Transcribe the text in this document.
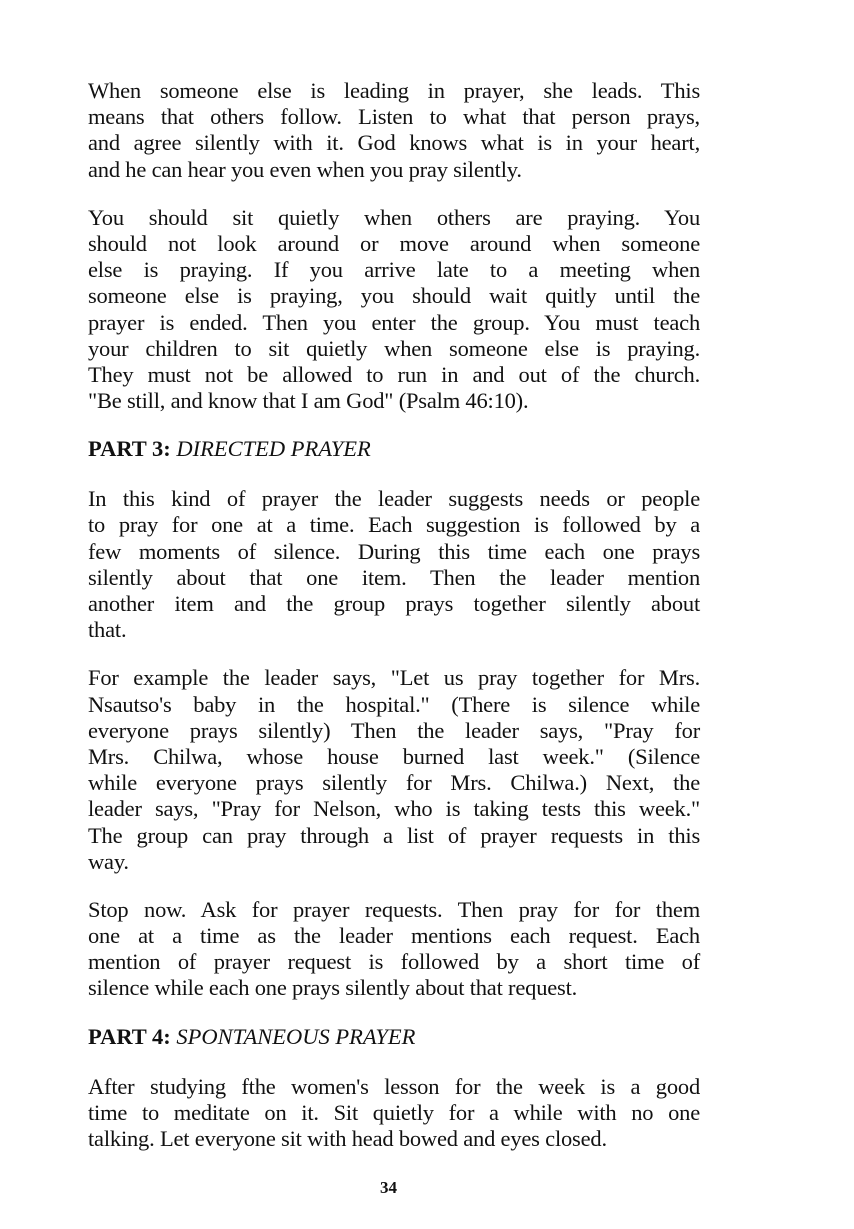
When someone else is leading in prayer, she leads. This
means that others follow. Listen to what that person prays,
and agree silently with it. God knows what is in your heart,
and he can hear you even when you pray silently.
You should sit quietly when others are praying. You
should not look around or move around when someone
else is praying. If you arrive late to a meeting when
someone else is praying, you should wait quitly until the
prayer is ended. Then you enter the group. You must teach
your children to sit quietly when someone else is praying.
They must not be allowed to run in and out of the church.
"Be still, and know that I am God" (Psalm 46:10).
PART 3: DIRECTED PRAYER
In this kind of prayer the leader suggests needs or people
to pray for one at a time. Each suggestion is followed by a
few moments of silence. During this time each one prays
silently about that one item. Then the leader mention
another item and the group prays together silently about
that.
For example the leader says, "Let us pray together for Mrs.
Nsautso's baby in the hospital." (There is silence while
everyone prays silently) Then the leader says, "Pray for
Mrs. Chilwa, whose house burned last week." (Silence
while everyone prays silently for Mrs. Chilwa.) Next, the
leader says, "Pray for Nelson, who is taking tests this week."
The group can pray through a list of prayer requests in this
way.
Stop now. Ask for prayer requests. Then pray for for them
one at a time as the leader mentions each request. Each
mention of prayer request is followed by a short time of
silence while each one prays silently about that request.
PART 4: SPONTANEOUS PRAYER
After studying fthe women's lesson for the week is a good
time to meditate on it. Sit quietly for a while with no one
talking. Let everyone sit with head bowed and eyes closed.
34
